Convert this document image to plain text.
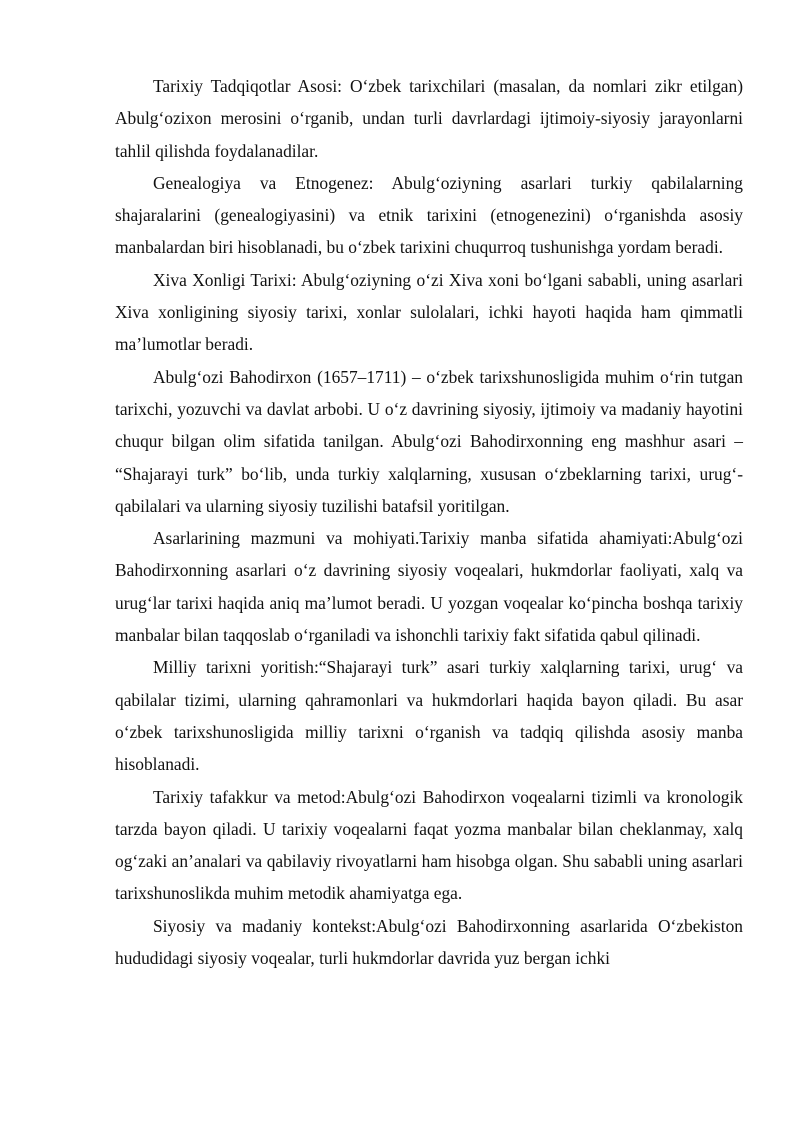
Tarixiy Tadqiqotlar Asosi: O‘zbek tarixchilari (masalan, da nomlari zikr etilgan) Abulg‘ozixon merosini o‘rganib, undan turli davrlardagi ijtimoiy-siyosiy jarayonlarni tahlil qilishda foydalanadilar.

Genealogiya va Etnogenez: Abulg‘oziyning asarlari turkiy qabilalarning shajaralarini (genealogiyasini) va etnik tarixini (etnogenezini) o‘rganishda asosiy manbalardan biri hisoblanadi, bu o‘zbek tarixini chuqurroq tushunishga yordam beradi.

Xiva Xonligi Tarixi: Abulg‘oziyning o‘zi Xiva xoni bo‘lgani sababli, uning asarlari Xiva xonligining siyosiy tarixi, xonlar sulolalari, ichki hayoti haqida ham qimmatli ma’lumotlar beradi.

Abulg‘ozi Bahodirxon (1657–1711) – o‘zbek tarixshunosligida muhim o‘rin tutgan tarixchi, yozuvchi va davlat arbobi. U o‘z davrining siyosiy, ijtimoiy va madaniy hayotini chuqur bilgan olim sifatida tanilgan. Abulg‘ozi Bahodirxonning eng mashhur asari – “Shajarayi turk” bo‘lib, unda turkiy xalqlarning, xususan o‘zbeklarning tarixi, urug‘-qabilalari va ularning siyosiy tuzilishi batafsil yoritilgan.

Asarlarining mazmuni va mohiyati.Tarixiy manba sifatida ahamiyati:Abulg‘ozi Bahodirxonning asarlari o‘z davrining siyosiy voqealari, hukmdorlar faoliyati, xalq va urug‘lar tarixi haqida aniq ma’lumot beradi. U yozgan voqealar ko‘pincha boshqa tarixiy manbalar bilan taqqoslab o‘rganiladi va ishonchli tarixiy fakt sifatida qabul qilinadi.

Milliy tarixni yoritish:“Shajarayi turk” asari turkiy xalqlarning tarixi, urug‘ va qabilalar tizimi, ularning qahramonlari va hukmdorlari haqida bayon qiladi. Bu asar o‘zbek tarixshunosligida milliy tarixni o‘rganish va tadqiq qilishda asosiy manba hisoblanadi.

Tarixiy tafakkur va metod:Abulg‘ozi Bahodirxon voqealarni tizimli va kronologik tarzda bayon qiladi. U tarixiy voqealarni faqat yozma manbalar bilan cheklanmay, xalq og‘zaki an’analari va qabilaviy rivoyatlarni ham hisobga olgan. Shu sababli uning asarlari tarixshunoslikda muhim metodik ahamiyatga ega.

Siyosiy va madaniy kontekst:Abulg‘ozi Bahodirxonning asarlarida O‘zbekiston hududidagi siyosiy voqealar, turli hukmdorlar davrida yuz bergan ichki
